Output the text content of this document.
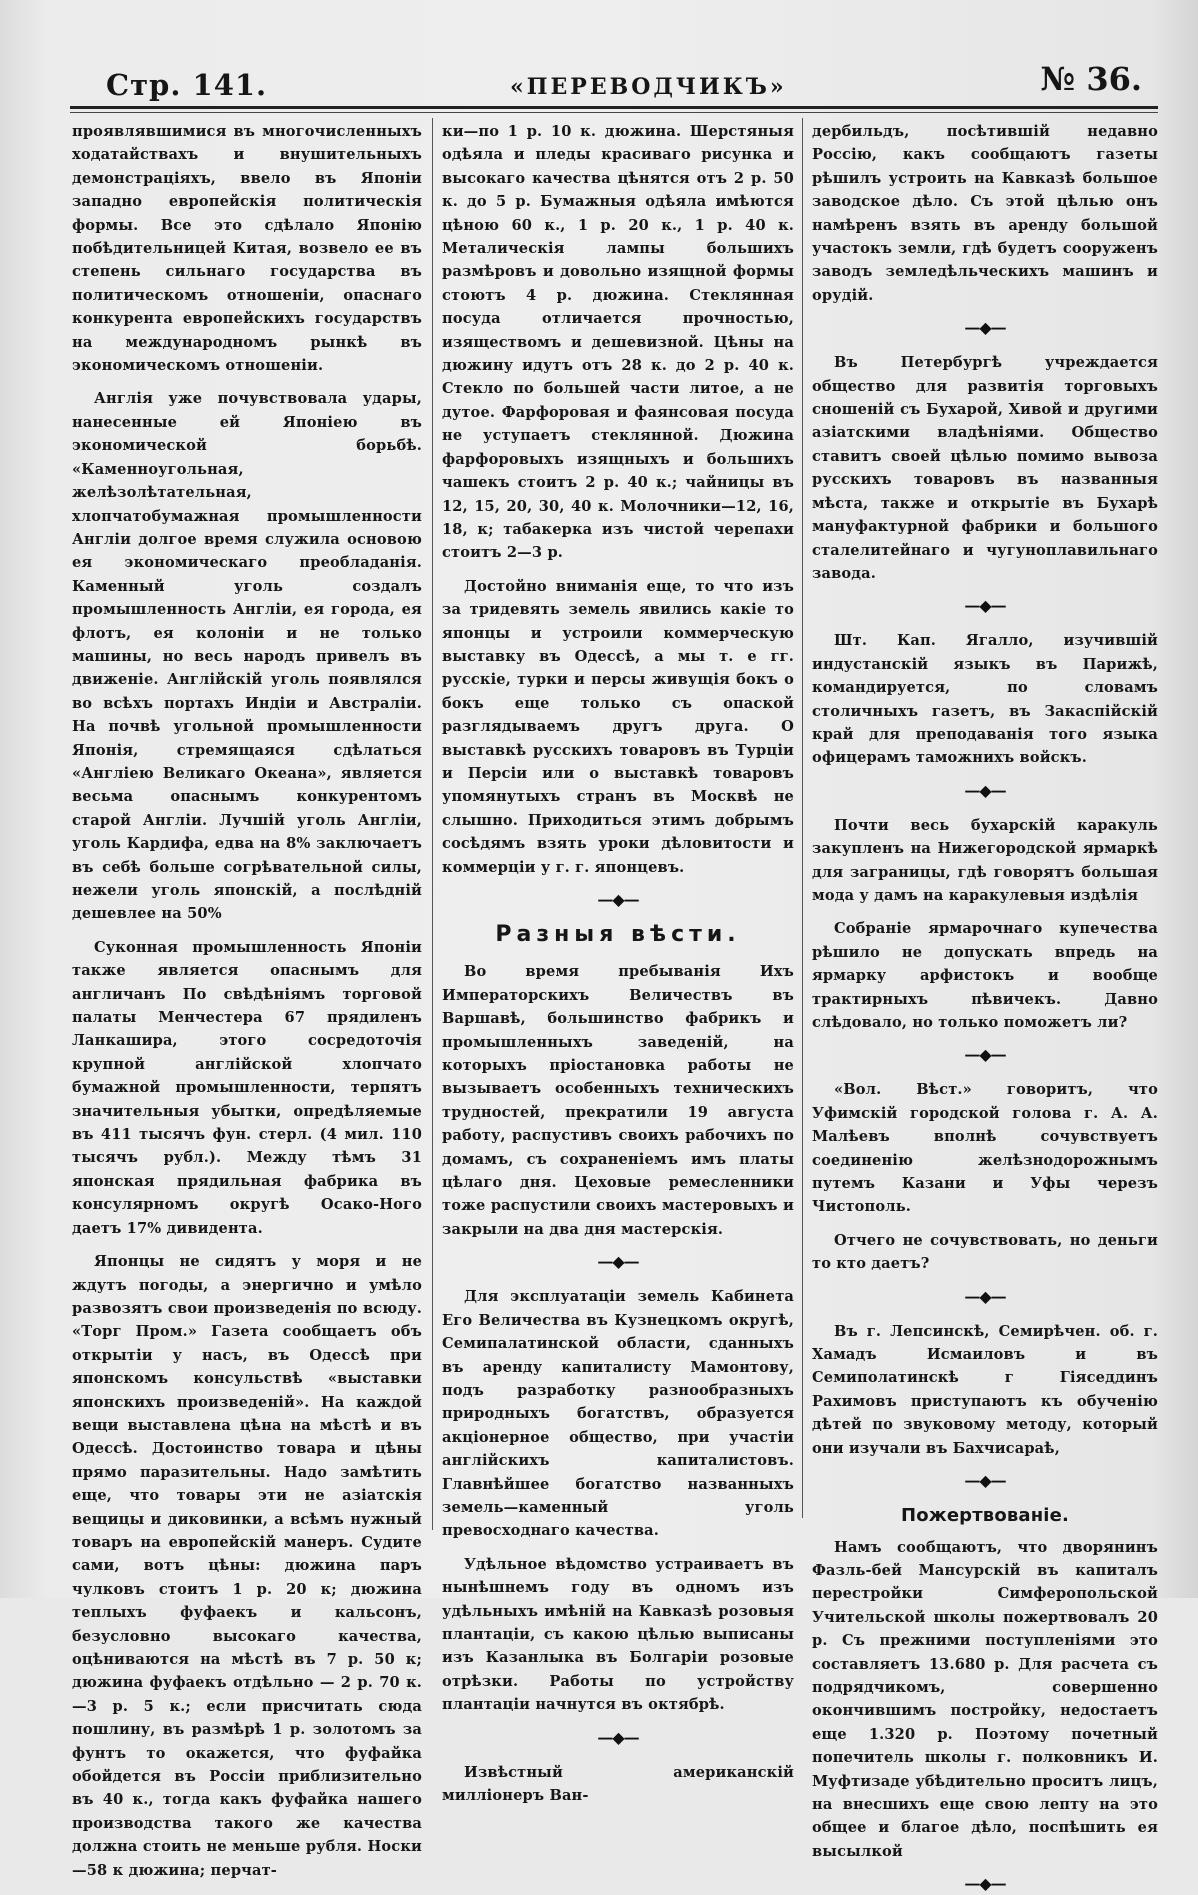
Стр. 141.	«ПЕРЕВОДЧИКЪ»	№ 36.

проявлявшимися въ многочисленныхъ ходатайствахъ и внушительныхъ демонстраціяхъ, ввело въ Японіи западно европейскія политическія формы. Все это сдѣлало Японію побѣдительницей Китая, возвело ее въ степень сильнаго государства въ политическомъ отношеніи, опаснаго конкурента европейскихъ государствъ на международномъ рынкѣ въ экономическомъ отношеніи.

Англія уже почувствовала удары, нанесенные ей Японіею въ экономической борьбѣ. «Каменноугольная, желѣзолѣтательная, хлопчатобумажная промышленности Англіи долгое время служила основою ея экономическаго преобладанія. Каменный уголь создалъ промышленность Англіи, ея города, ея флотъ, ея колоніи и не только машины, но весь народъ привелъ въ движеніе. Англійскій уголь появлялся во всѣхъ портахъ Индіи и Австраліи. На почвѣ угольной промышленности Японія, стремящаяся сдѣлаться «Англіею Великаго Океана», является весьма опаснымъ конкурентомъ старой Англіи. Лучшій уголь Англіи, уголь Кардифа, едва на 8% заключаетъ въ себѣ больше согрѣвательной силы, нежели уголь японскій, а послѣдній дешевлее на 50%

Суконная промышленность Японіи также является опаснымъ для англичанъ По свѣдѣніямъ торговой палаты Менчестера 67 прядиленъ Ланкашира, этого сосредоточія крупной англійской хлопчато бумажной промышленности, терпятъ значительныя убытки, опредѣляемые въ 411 тысячъ фун. стерл. (4 мил. 110 тысячъ рубл.). Между тѣмъ 31 японская прядильная фабрика въ консулярномъ округѣ Осако-Ного даетъ 17% дивидента.

Японцы не сидятъ у моря и не ждутъ погоды, а энергично и умѣло развозятъ свои произведенія по всюду. «Торг Пром.» Газета сообщаетъ объ открытіи у насъ, въ Одессѣ при японскомъ консульствѣ «выставки японскихъ произведеній». На каждой вещи выставлена цѣна на мѣстѣ и въ Одессѣ. Достоинство товара и цѣны прямо паразительны. Надо замѣтить еще, что товары эти не азіатскія вещицы и диковинки, а всѣмъ нужный товаръ на европейскій манеръ. Судите сами, вотъ цѣны: дюжина паръ чулковъ стоитъ 1 р. 20 к; дюжина теплыхъ фуфаекъ и кальсонъ, безусловно высокаго качества, оцѣниваются на мѣстѣ въ 7 р. 50 к; дюжина фуфаекъ отдѣльно — 2 р. 70 к.—3 р. 5 к.; если присчитать сюда пошлину, въ размѣрѣ 1 р. золотомъ за фунтъ то окажется, что фуфайка обойдется въ Россіи приблизительно въ 40 к., тогда какъ фуфайка нашего производства такого же качества должна стоить не меньше рубля. Носки—58 к дюжина; перчат-

ки—по 1 р. 10 к. дюжина. Шерстяныя одѣяла и пледы красиваго рисунка и высокаго качества цѣнятся отъ 2 р. 50 к. до 5 р. Бумажныя одѣяла имѣются цѣною 60 к., 1 р. 20 к., 1 р. 40 к. Металическія лампы большихъ размѣровъ и довольно изящной формы стоютъ 4 р. дюжина. Стеклянная посуда отличается прочностью, изяществомъ и дешевизной. Цѣны на дюжину идутъ отъ 28 к. до 2 р. 40 к. Стекло по большей части литое, а не дутое. Фарфоровая и фаянсовая посуда не уступаетъ стеклянной. Дюжина фарфоровыхъ изящныхъ и большихъ чашекъ стоитъ 2 р. 40 к.; чайницы въ 12, 15, 20, 30, 40 к. Молочники—12, 16, 18, к; табакерка изъ чистой черепахи стоитъ 2—3 р.

Достойно вниманія еще, то что изъ за тридевять земель явились какіе то японцы и устроили коммерческую выставку въ Одессѣ, а мы т. е гг. русскіе, турки и персы живущія бокъ о бокъ еще только съ опаской разглядываемъ другъ друга. О выставкѣ русскихъ товаровъ въ Турціи и Персіи или о выставкѣ товаровъ упомянутыхъ странъ въ Москвѣ не слышно. Приходиться этимъ добрымъ сосѣдямъ взять уроки дѣловитости и коммерціи у г. г. японцевъ.

—◆—
Разныя вѣсти.

Во время пребыванія Ихъ Императорскихъ Величествъ въ Варшавѣ, большинство фабрикъ и промышленныхъ заведеній, на которыхъ пріостановка работы не вызываетъ особенныхъ техническихъ трудностей, прекратили 19 августа работу, распустивъ своихъ рабочихъ по домамъ, съ сохраненіемъ имъ платы цѣлаго дня. Цеховые ремесленники тоже распустили своихъ мастеровыхъ и закрыли на два дня мастерскія.

—◆—

Для эксплуатаціи земель Кабинета Его Величества въ Кузнецкомъ округѣ, Семипалатинской области, сданныхъ въ аренду капиталисту Мамонтову, подъ разработку разнообразныхъ природныхъ богатствъ, образуется акціонерное общество, при участіи англійскихъ капиталистовъ. Главнѣйшее богатство названныхъ земель—каменный уголь превосходнаго качества.

Удѣльное вѣдомство устраиваетъ въ нынѣшнемъ году въ одномъ изъ удѣльныхъ имѣній на Кавказѣ розовыя плантаціи, съ какою цѣлью выписаны изъ Казанлыка въ Болгаріи розовые отрѣзки. Работы по устройству плантаціи начнутся въ октябрѣ.

—◆—

Извѣстный американскій милліонеръ Ван-

дербильдъ, посѣтившій недавно Россію, какъ сообщаютъ газеты рѣшилъ устроить на Кавказѣ большое заводское дѣло. Съ этой цѣлью онъ намѣренъ взять въ аренду большой участокъ земли, гдѣ будетъ сооруженъ заводъ земледѣльческихъ машинъ и орудій.

—◆—

Въ Петербургѣ учреждается общество для развитія торговыхъ сношеній съ Бухарой, Хивой и другими азіатскими владѣніями. Общество ставитъ своей цѣлью помимо вывоза русскихъ товаровъ въ названныя мѣста, также и открытіе въ Бухарѣ мануфактурной фабрики и большого сталелитейнаго и чугуноплавильнаго завода.

—◆—

Шт. Кап. Ягалло, изучившій индустанскій языкъ въ Парижѣ, командируется, по словамъ столичныхъ газетъ, въ Закаспійскій край для преподаванія того языка офицерамъ таможнихъ войскъ.

—◆—

Почти весь бухарскій каракуль закупленъ на Нижегородской ярмаркѣ для заграницы, гдѣ говорятъ большая мода у дамъ на каракулевыя издѣлія

Собраніе ярмарочнаго купечества рѣшило не допускать впредь на ярмарку арфистокъ и вообще трактирныхъ пѣвичекъ. Давно слѣдовало, но только поможетъ ли?

—◆—

«Вол. Вѣст.» говоритъ, что Уфимскій городской голова г. А. А. Малѣевъ вполнѣ сочувствуетъ соединенію желѣзнодорожнымъ путемъ Казани и Уфы черезъ Чистополь.

Отчего не сочувствовать, но деньги то кто даетъ?

—◆—

Въ г. Лепсинскѣ, Семирѣчен. об. г. Хамадъ Исмаиловъ и въ Семиполатинскѣ г Гіяседдинъ Рахимовъ приступаютъ къ обученію дѣтей по звуковому методу, который они изучали въ Бахчисараѣ,

—◆—
Пожертвованіе.

Намъ сообщаютъ, что дворянинъ Фазль-бей Мансурскій въ капиталъ перестройки Симферопольской Учительской школы пожертвовалъ 20 р. Съ прежними поступленіями это составляетъ 13.680 р. Для расчета съ подрядчикомъ, совершенно окончившимъ постройку, недостаетъ еще 1.320 р. Поэтому почетный попечитель школы г. полковникъ И. Муфтизаде убѣдительно проситъ лицъ, на внесшихъ еще свою лепту на это общее и благое дѣло, поспѣшить ея высылкой

—◆—
